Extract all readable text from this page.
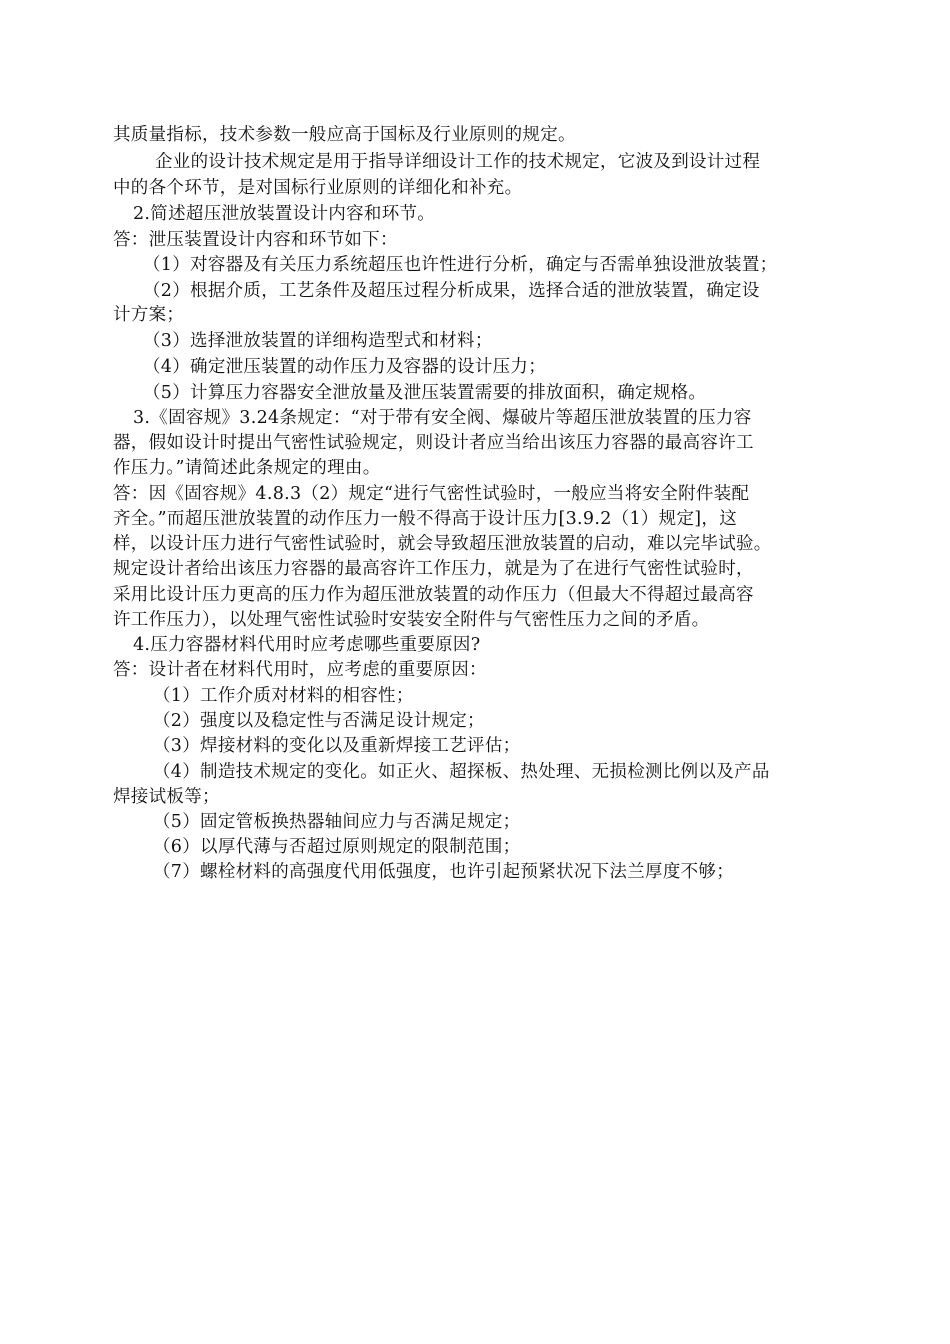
其质量指标，技术参数一般应高于国标及行业原则的规定。
企业的设计技术规定是用于指导详细设计工作的技术规定，它波及到设计过程
中的各个环节，是对国标行业原则的详细化和补充。
2.简述超压泄放装置设计内容和环节。
答：泄压装置设计内容和环节如下：
（1）对容器及有关压力系统超压也许性进行分析，确定与否需单独设泄放装置；
（2）根据介质，工艺条件及超压过程分析成果，选择合适的泄放装置，确定设
计方案；
（3）选择泄放装置的详细构造型式和材料；
（4）确定泄压装置的动作压力及容器的设计压力；
（5）计算压力容器安全泄放量及泄压装置需要的排放面积，确定规格。
3.《固容规》3.24条规定：“对于带有安全阀、爆破片等超压泄放装置的压力容
器，假如设计时提出气密性试验规定，则设计者应当给出该压力容器的最高容许工
作压力。”请简述此条规定的理由。
答：因《固容规》4.8.3（2）规定“进行气密性试验时，一般应当将安全附件装配
齐全。”而超压泄放装置的动作压力一般不得高于设计压力[3.9.2（1）规定]，这
样，以设计压力进行气密性试验时，就会导致超压泄放装置的启动，难以完毕试验。
规定设计者给出该压力容器的最高容许工作压力，就是为了在进行气密性试验时，
采用比设计压力更高的压力作为超压泄放装置的动作压力（但最大不得超过最高容
许工作压力），以处理气密性试验时安装安全附件与气密性压力之间的矛盾。
4.压力容器材料代用时应考虑哪些重要原因?
答：设计者在材料代用时，应考虑的重要原因：
（1）工作介质对材料的相容性；
（2）强度以及稳定性与否满足设计规定；
（3）焊接材料的变化以及重新焊接工艺评估；
（4）制造技术规定的变化。如正火、超探板、热处理、无损检测比例以及产品
焊接试板等；
（5）固定管板换热器轴间应力与否满足规定；
（6）以厚代薄与否超过原则规定的限制范围；
（7）螺栓材料的高强度代用低强度，也许引起预紧状况下法兰厚度不够；
